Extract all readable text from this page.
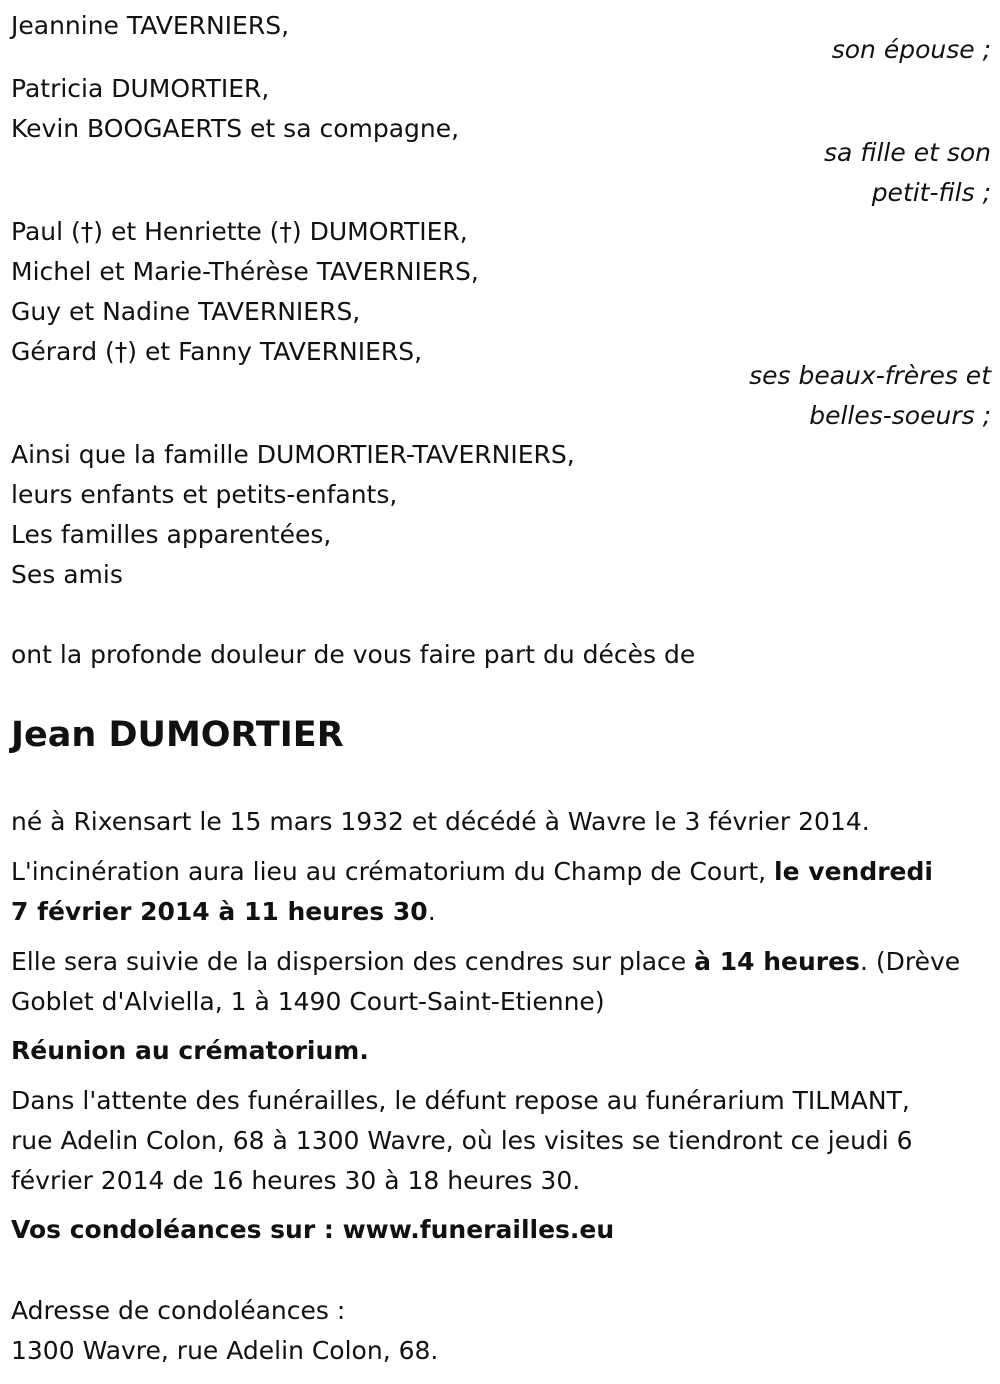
Jeannine TAVERNIERS,
son épouse ;
Patricia DUMORTIER,
Kevin BOOGAERTS et sa compagne,
sa fille et son
petit-fils ;
Paul (†) et Henriette (†) DUMORTIER,
Michel et Marie-Thérèse TAVERNIERS,
Guy et Nadine TAVERNIERS,
Gérard (†) et Fanny TAVERNIERS,
ses beaux-frères et
belles-soeurs ;
Ainsi que la famille DUMORTIER-TAVERNIERS,
leurs enfants et petits-enfants,
Les familles apparentées,
Ses amis
ont la profonde douleur de vous faire part du décès de
Jean DUMORTIER
né à Rixensart le 15 mars 1932 et décédé à Wavre le 3 février 2014.
L'incinération aura lieu au crématorium du Champ de Court, le vendredi
7 février 2014 à 11 heures 30.
Elle sera suivie de la dispersion des cendres sur place à 14 heures. (Drève
Goblet d'Alviella, 1 à 1490 Court-Saint-Etienne)
Réunion au crématorium.
Dans l'attente des funérailles, le défunt repose au funérarium TILMANT,
rue Adelin Colon, 68 à 1300 Wavre, où les visites se tiendront ce jeudi 6
février 2014 de 16 heures 30 à 18 heures 30.
Vos condoléances sur : www.funerailles.eu
Adresse de condoléances :
1300 Wavre, rue Adelin Colon, 68.
